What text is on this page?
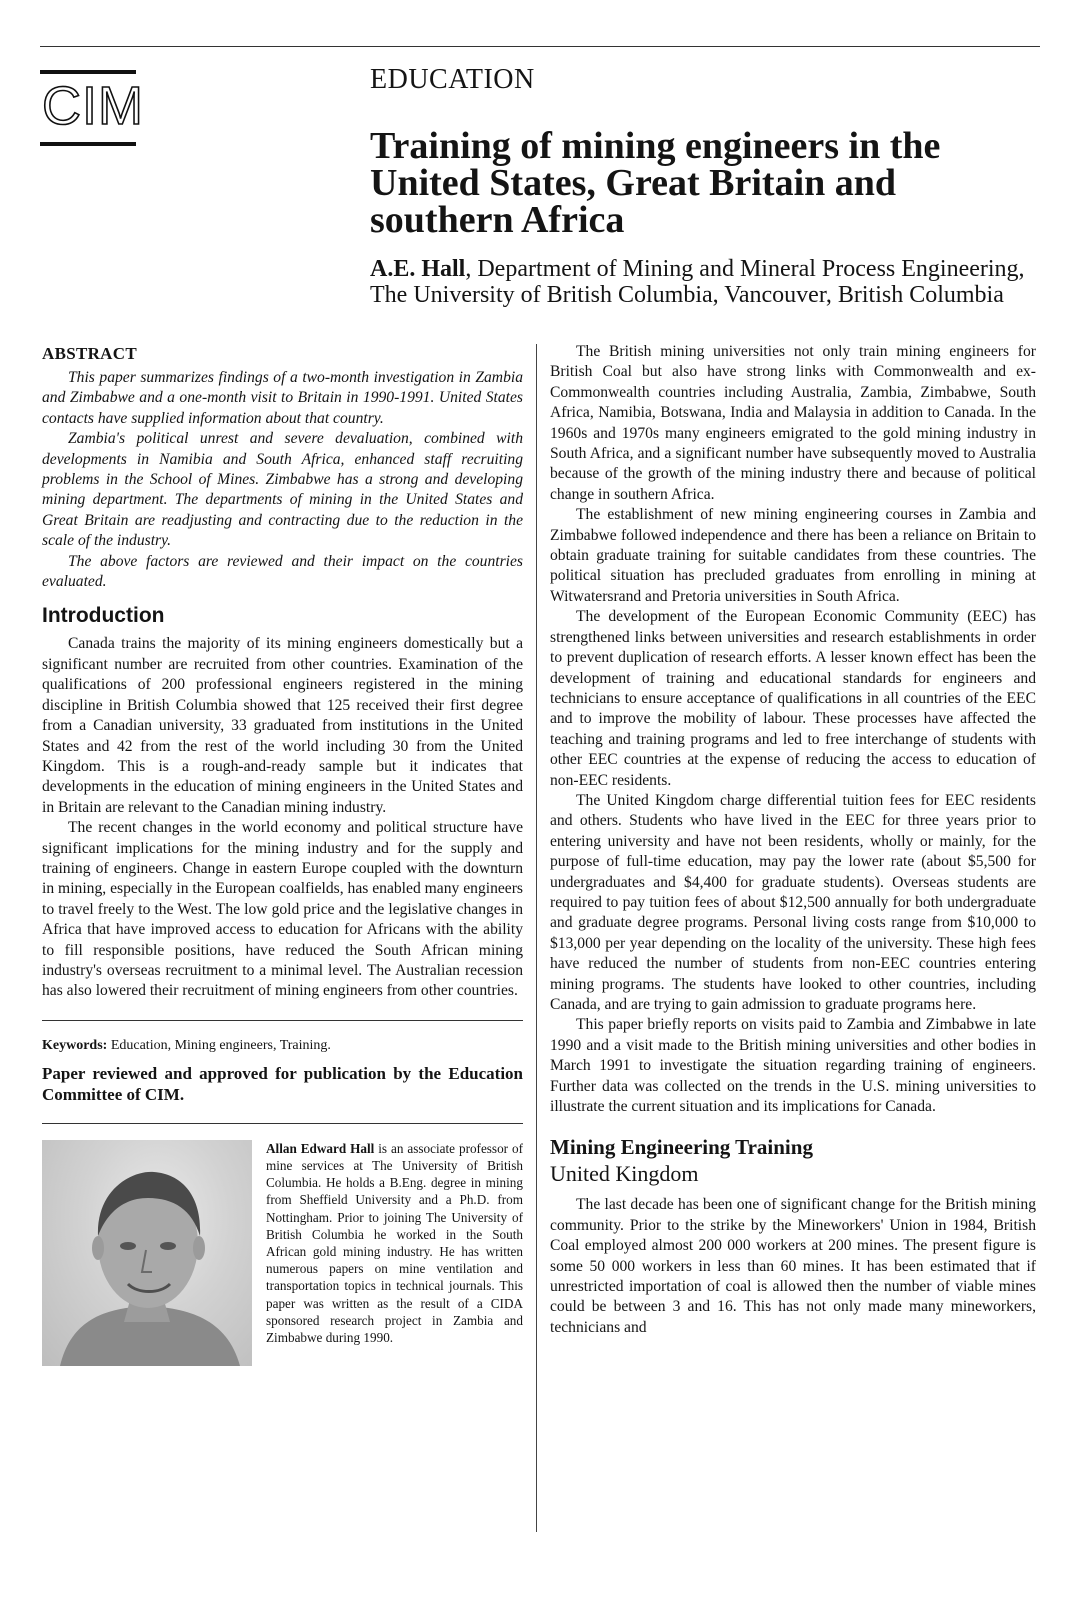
CIM	EDUCATION
Training of mining engineers in the United States, Great Britain and southern Africa
A.E. Hall, Department of Mining and Mineral Process Engineering, The University of British Columbia, Vancouver, British Columbia
ABSTRACT

This paper summarizes findings of a two-month investigation in Zambia and Zimbabwe and a one-month visit to Britain in 1990-1991. United States contacts have supplied information about that country.

Zambia's political unrest and severe devaluation, combined with developments in Namibia and South Africa, enhanced staff recruiting problems in the School of Mines. Zimbabwe has a strong and developing mining department. The departments of mining in the United States and Great Britain are readjusting and contracting due to the reduction in the scale of the industry.

The above factors are reviewed and their impact on the countries evaluated.

Introduction

Canada trains the majority of its mining engineers domestically but a significant number are recruited from other countries. Examination of the qualifications of 200 professional engineers registered in the mining discipline in British Columbia showed that 125 received their first degree from a Canadian university, 33 graduated from institutions in the United States and 42 from the rest of the world including 30 from the United Kingdom. This is a rough-and-ready sample but it indicates that developments in the education of mining engineers in the United States and in Britain are relevant to the Canadian mining industry.

The recent changes in the world economy and political structure have significant implications for the mining industry and for the supply and training of engineers. Change in eastern Europe coupled with the downturn in mining, especially in the European coalfields, has enabled many engineers to travel freely to the West. The low gold price and the legislative changes in Africa that have improved access to education for Africans with the ability to fill responsible positions, have reduced the South African mining industry's overseas recruitment to a minimal level. The Australian recession has also lowered their recruitment of mining engineers from other countries.

Keywords: Education, Mining engineers, Training.

Paper reviewed and approved for publication by the Education Committee of CIM.

Allan Edward Hall is an associate professor of mine services at The University of British Columbia. He holds a B.Eng. degree in mining from Sheffield University and a Ph.D. from Nottingham. Prior to joining The University of British Columbia he worked in the South African gold mining industry. He has written numerous papers on mine ventilation and transportation topics in technical journals. This paper was written as the result of a CIDA sponsored research project in Zambia and Zimbabwe during 1990.

The British mining universities not only train mining engineers for British Coal but also have strong links with Commonwealth and ex-Commonwealth countries including Australia, Zambia, Zimbabwe, South Africa, Namibia, Botswana, India and Malaysia in addition to Canada. In the 1960s and 1970s many engineers emigrated to the gold mining industry in South Africa, and a significant number have subsequently moved to Australia because of the growth of the mining industry there and because of political change in southern Africa.

The establishment of new mining engineering courses in Zambia and Zimbabwe followed independence and there has been a reliance on Britain to obtain graduate training for suitable candidates from these countries. The political situation has precluded graduates from enrolling in mining at Witwatersrand and Pretoria universities in South Africa.

The development of the European Economic Community (EEC) has strengthened links between universities and research establishments in order to prevent duplication of research efforts. A lesser known effect has been the development of training and educational standards for engineers and technicians to ensure acceptance of qualifications in all countries of the EEC and to improve the mobility of labour. These processes have affected the teaching and training programs and led to free interchange of students with other EEC countries at the expense of reducing the access to education of non-EEC residents.

The United Kingdom charge differential tuition fees for EEC residents and others. Students who have lived in the EEC for three years prior to entering university and have not been residents, wholly or mainly, for the purpose of full-time education, may pay the lower rate (about $5,500 for undergraduates and $4,400 for graduate students). Overseas students are required to pay tuition fees of about $12,500 annually for both undergraduate and graduate degree programs. Personal living costs range from $10,000 to $13,000 per year depending on the locality of the university. These high fees have reduced the number of students from non-EEC countries entering mining programs. The students have looked to other countries, including Canada, and are trying to gain admission to graduate programs here.

This paper briefly reports on visits paid to Zambia and Zimbabwe in late 1990 and a visit made to the British mining universities and other bodies in March 1991 to investigate the situation regarding training of engineers. Further data was collected on the trends in the U.S. mining universities to illustrate the current situation and its implications for Canada.

Mining Engineering Training
United Kingdom

The last decade has been one of significant change for the British mining community. Prior to the strike by the Mineworkers' Union in 1984, British Coal employed almost 200 000 workers at 200 mines. The present figure is some 50 000 workers in less than 60 mines. It has been estimated that if unrestricted importation of coal is allowed then the number of viable mines could be between 3 and 16. This has not only made many mineworkers, technicians and
